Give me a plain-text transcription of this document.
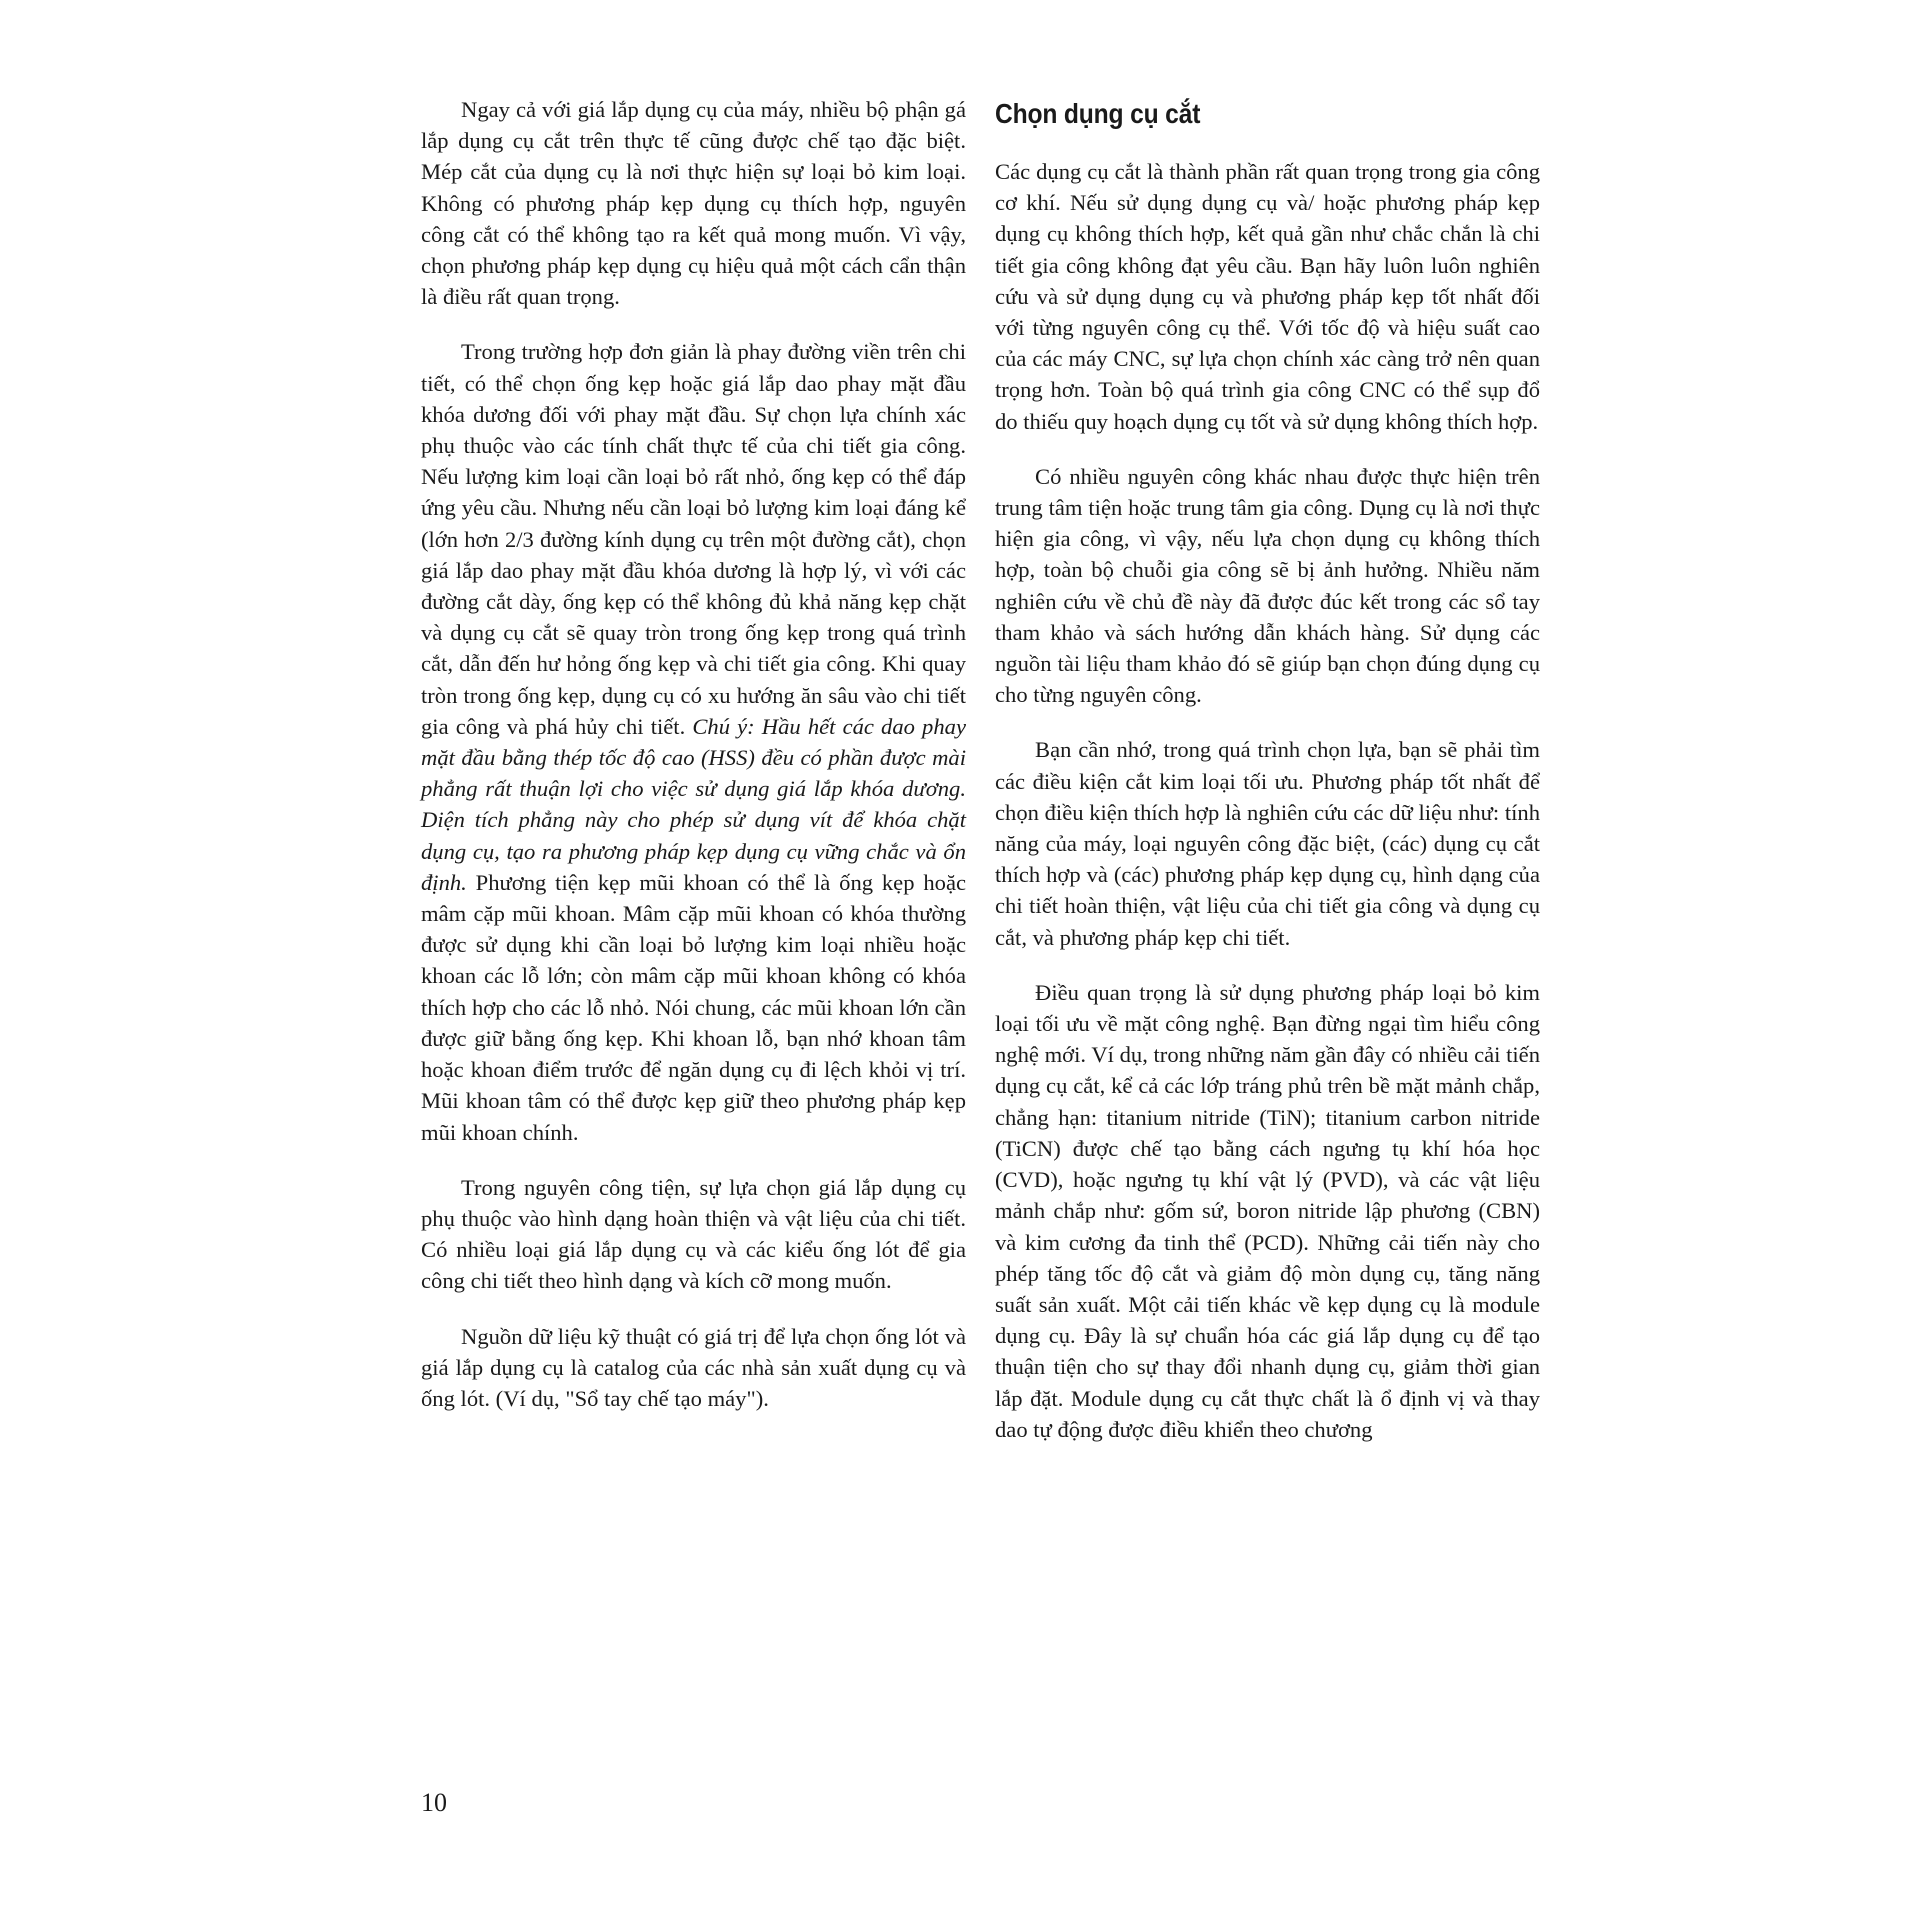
Ngay cả với giá lắp dụng cụ của máy, nhiều bộ phận gá lắp dụng cụ cắt trên thực tế cũng được chế tạo đặc biệt. Mép cắt của dụng cụ là nơi thực hiện sự loại bỏ kim loại. Không có phương pháp kẹp dụng cụ thích hợp, nguyên công cắt có thể không tạo ra kết quả mong muốn. Vì vậy, chọn phương pháp kẹp dụng cụ hiệu quả một cách cẩn thận là điều rất quan trọng.

Trong trường hợp đơn giản là phay đường viền trên chi tiết, có thể chọn ống kẹp hoặc giá lắp dao phay mặt đầu khóa dương đối với phay mặt đầu. Sự chọn lựa chính xác phụ thuộc vào các tính chất thực tế của chi tiết gia công. Nếu lượng kim loại cần loại bỏ rất nhỏ, ống kẹp có thể đáp ứng yêu cầu. Nhưng nếu cần loại bỏ lượng kim loại đáng kể (lớn hơn 2/3 đường kính dụng cụ trên một đường cắt), chọn giá lắp dao phay mặt đầu khóa dương là hợp lý, vì với các đường cắt dày, ống kẹp có thể không đủ khả năng kẹp chặt và dụng cụ cắt sẽ quay tròn trong ống kẹp trong quá trình cắt, dẫn đến hư hỏng ống kẹp và chi tiết gia công. Khi quay tròn trong ống kẹp, dụng cụ có xu hướng ăn sâu vào chi tiết gia công và phá hủy chi tiết. Chú ý: Hầu hết các dao phay mặt đầu bằng thép tốc độ cao (HSS) đều có phần được mài phẳng rất thuận lợi cho việc sử dụng giá lắp khóa dương. Diện tích phẳng này cho phép sử dụng vít để khóa chặt dụng cụ, tạo ra phương pháp kẹp dụng cụ vững chắc và ổn định. Phương tiện kẹp mũi khoan có thể là ống kẹp hoặc mâm cặp mũi khoan. Mâm cặp mũi khoan có khóa thường được sử dụng khi cần loại bỏ lượng kim loại nhiều hoặc khoan các lỗ lớn; còn mâm cặp mũi khoan không có khóa thích hợp cho các lỗ nhỏ. Nói chung, các mũi khoan lớn cần được giữ bằng ống kẹp. Khi khoan lỗ, bạn nhớ khoan tâm hoặc khoan điểm trước để ngăn dụng cụ đi lệch khỏi vị trí. Mũi khoan tâm có thể được kẹp giữ theo phương pháp kẹp mũi khoan chính.

Trong nguyên công tiện, sự lựa chọn giá lắp dụng cụ phụ thuộc vào hình dạng hoàn thiện và vật liệu của chi tiết. Có nhiều loại giá lắp dụng cụ và các kiểu ống lót để gia công chi tiết theo hình dạng và kích cỡ mong muốn.

Nguồn dữ liệu kỹ thuật có giá trị để lựa chọn ống lót và giá lắp dụng cụ là catalog của các nhà sản xuất dụng cụ và ống lót. (Ví dụ, "Sổ tay chế tạo máy").

Chọn dụng cụ cắt

Các dụng cụ cắt là thành phần rất quan trọng trong gia công cơ khí. Nếu sử dụng dụng cụ và/ hoặc phương pháp kẹp dụng cụ không thích hợp, kết quả gần như chắc chắn là chi tiết gia công không đạt yêu cầu. Bạn hãy luôn luôn nghiên cứu và sử dụng dụng cụ và phương pháp kẹp tốt nhất đối với từng nguyên công cụ thể. Với tốc độ và hiệu suất cao của các máy CNC, sự lựa chọn chính xác càng trở nên quan trọng hơn. Toàn bộ quá trình gia công CNC có thể sụp đổ do thiếu quy hoạch dụng cụ tốt và sử dụng không thích hợp.

Có nhiều nguyên công khác nhau được thực hiện trên trung tâm tiện hoặc trung tâm gia công. Dụng cụ là nơi thực hiện gia công, vì vậy, nếu lựa chọn dụng cụ không thích hợp, toàn bộ chuỗi gia công sẽ bị ảnh hưởng. Nhiều năm nghiên cứu về chủ đề này đã được đúc kết trong các sổ tay tham khảo và sách hướng dẫn khách hàng. Sử dụng các nguồn tài liệu tham khảo đó sẽ giúp bạn chọn đúng dụng cụ cho từng nguyên công.

Bạn cần nhớ, trong quá trình chọn lựa, bạn sẽ phải tìm các điều kiện cắt kim loại tối ưu. Phương pháp tốt nhất để chọn điều kiện thích hợp là nghiên cứu các dữ liệu như: tính năng của máy, loại nguyên công đặc biệt, (các) dụng cụ cắt thích hợp và (các) phương pháp kẹp dụng cụ, hình dạng của chi tiết hoàn thiện, vật liệu của chi tiết gia công và dụng cụ cắt, và phương pháp kẹp chi tiết.

Điều quan trọng là sử dụng phương pháp loại bỏ kim loại tối ưu về mặt công nghệ. Bạn đừng ngại tìm hiểu công nghệ mới. Ví dụ, trong những năm gần đây có nhiều cải tiến dụng cụ cắt, kể cả các lớp tráng phủ trên bề mặt mảnh chắp, chẳng hạn: titanium nitride (TiN); titanium carbon nitride (TiCN) được chế tạo bằng cách ngưng tụ khí hóa học (CVD), hoặc ngưng tụ khí vật lý (PVD), và các vật liệu mảnh chắp như: gốm sứ, boron nitride lập phương (CBN) và kim cương đa tinh thể (PCD). Những cải tiến này cho phép tăng tốc độ cắt và giảm độ mòn dụng cụ, tăng năng suất sản xuất. Một cải tiến khác về kẹp dụng cụ là module dụng cụ. Đây là sự chuẩn hóa các giá lắp dụng cụ để tạo thuận tiện cho sự thay đổi nhanh dụng cụ, giảm thời gian lắp đặt. Module dụng cụ cắt thực chất là ổ định vị và thay dao tự động được điều khiển theo chương

10
